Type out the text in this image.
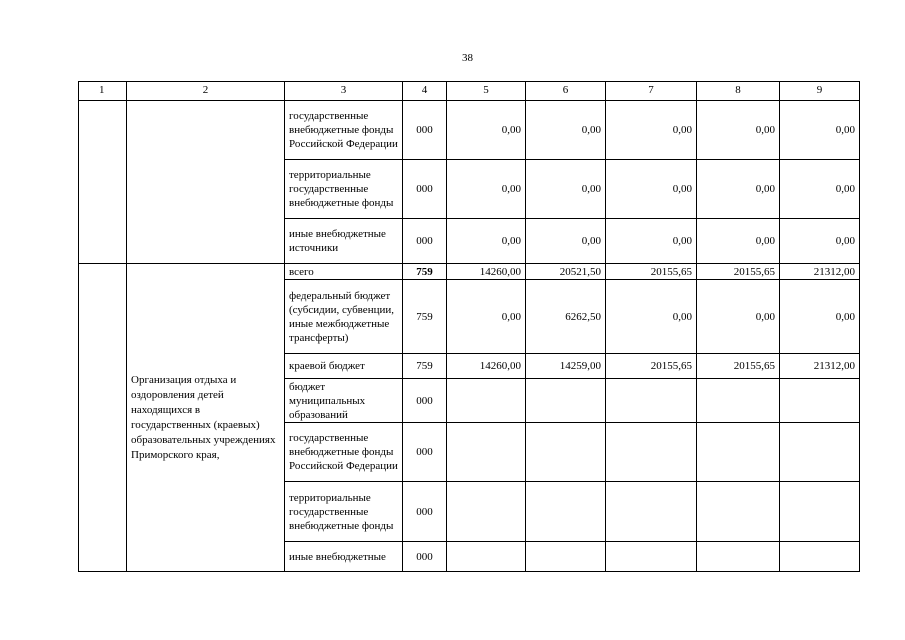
38
1	2	3	4	5	6	7	8	9
		государственные внебюджетные фонды Российской Федерации	000	0,00	0,00	0,00	0,00	0,00
		территориальные государственные внебюджетные фонды	000	0,00	0,00	0,00	0,00	0,00
		иные внебюджетные источники	000	0,00	0,00	0,00	0,00	0,00
	Организация отдыха и оздоровления детей находящихся в государственных (краевых) образовательных учреждениях Приморского края,	всего	759	14260,00	20521,50	20155,65	20155,65	21312,00
		федеральный бюджет (субсидии, субвенции, иные межбюджетные трансферты)	759	0,00	6262,50	0,00	0,00	0,00
		краевой бюджет	759	14260,00	14259,00	20155,65	20155,65	21312,00
		бюджет муниципальных образований	000					
		государственные внебюджетные фонды Российской Федерации	000					
		территориальные государственные внебюджетные фонды	000					
		иные внебюджетные	000					
